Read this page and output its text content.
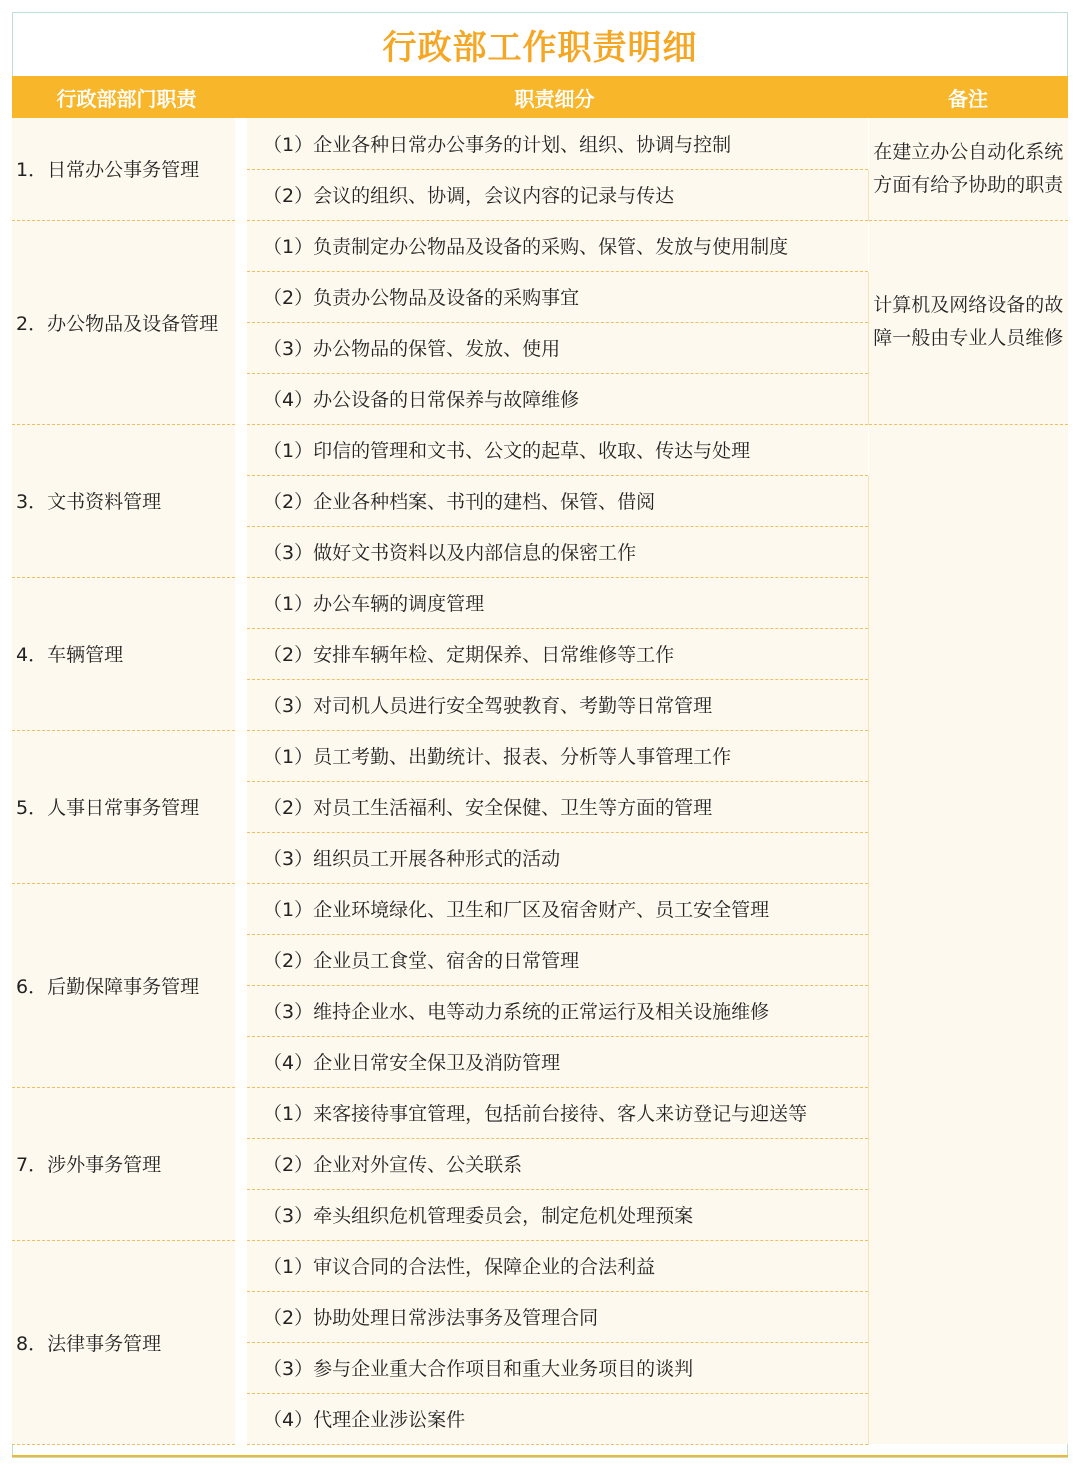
行政部工作职责明细
行政部部门职责	职责细分	备注
1．日常办公事务管理	（1）企业各种日常办公事务的计划、组织、协调与控制	在建立办公自动化系统方面有给予协助的职责
	（2）会议的组织、协调，会议内容的记录与传达	
2．办公物品及设备管理	（1）负责制定办公物品及设备的采购、保管、发放与使用制度	计算机及网络设备的故障一般由专业人员维修
	（2）负责办公物品及设备的采购事宜	
	（3）办公物品的保管、发放、使用	
	（4）办公设备的日常保养与故障维修	
3．文书资料管理	（1）印信的管理和文书、公文的起草、收取、传达与处理	
	（2）企业各种档案、书刊的建档、保管、借阅	
	（3）做好文书资料以及内部信息的保密工作	
4．车辆管理	（1）办公车辆的调度管理	
	（2）安排车辆年检、定期保养、日常维修等工作	
	（3）对司机人员进行安全驾驶教育、考勤等日常管理	
5．人事日常事务管理	（1）员工考勤、出勤统计、报表、分析等人事管理工作	
	（2）对员工生活福利、安全保健、卫生等方面的管理	
	（3）组织员工开展各种形式的活动	
6．后勤保障事务管理	（1）企业环境绿化、卫生和厂区及宿舍财产、员工安全管理	
	（2）企业员工食堂、宿舍的日常管理	
	（3）维持企业水、电等动力系统的正常运行及相关设施维修	
	（4）企业日常安全保卫及消防管理	
7．涉外事务管理	（1）来客接待事宜管理，包括前台接待、客人来访登记与迎送等	
	（2）企业对外宣传、公关联系	
	（3）牵头组织危机管理委员会，制定危机处理预案	
8．法律事务管理	（1）审议合同的合法性，保障企业的合法利益	
	（2）协助处理日常涉法事务及管理合同	
	（3）参与企业重大合作项目和重大业务项目的谈判	
	（4）代理企业涉讼案件	
